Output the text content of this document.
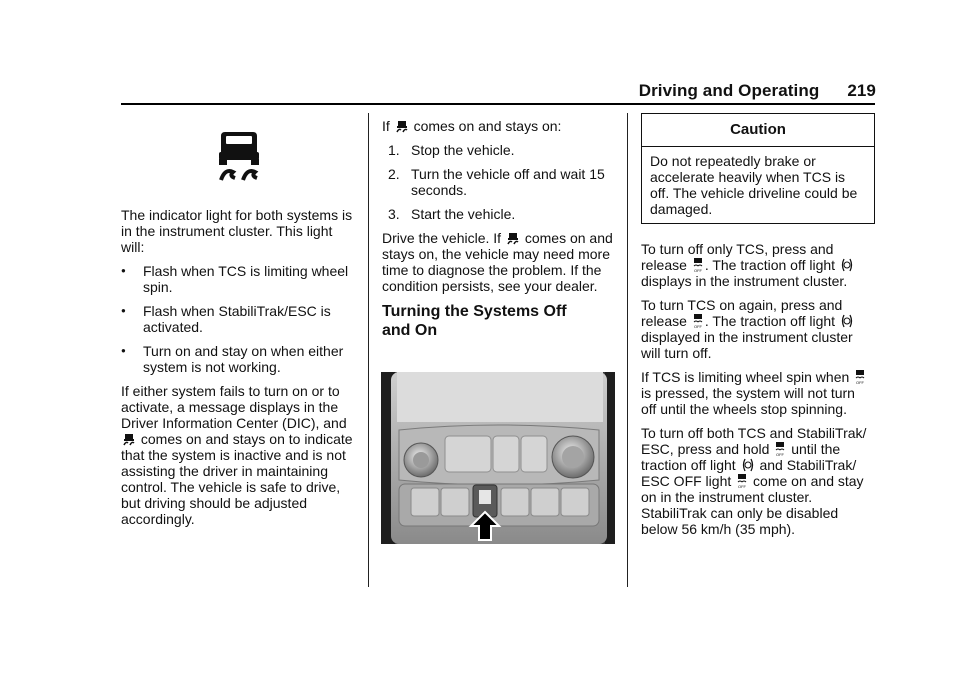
Driving and Operating 219

The indicator light for both systems is in the instrument cluster. This light will:

● Flash when TCS is limiting wheel spin.
● Flash when StabiliTrak/ESC is activated.
● Turn on and stay on when either system is not working.

If either system fails to turn on or to activate, a message displays in the Driver Information Center (DIC), and  comes on and stays on to indicate that the system is inactive and is not assisting the driver in maintaining control. The vehicle is safe to drive, but driving should be adjusted accordingly.

If comes on and stays on:

1. Stop the vehicle.
2. Turn the vehicle off and wait 15 seconds.
3. Start the vehicle.

Drive the vehicle. If comes on and stays on, the vehicle may need more time to diagnose the problem. If the condition persists, see your dealer.

Turning the Systems Off and On
Caution
Do not repeatedly brake or accelerate heavily when TCS is off. The vehicle driveline could be damaged.

To turn off only TCS, press and release OFF . The traction off light  displays in the instrument cluster.

To turn TCS on again, press and release OFF . The traction off light  displayed in the instrument cluster will turn off.

If TCS is limiting wheel spin when OFF
is pressed, the system will not turn off until the wheels stop spinning.

To turn off both TCS and StabiliTrak/ ESC, press and hold OFF until the traction off light and StabiliTrak/ ESC OFF light OFF come on and stay on in the instrument cluster. StabiliTrak can only be disabled below 56 km/h (35 mph).
